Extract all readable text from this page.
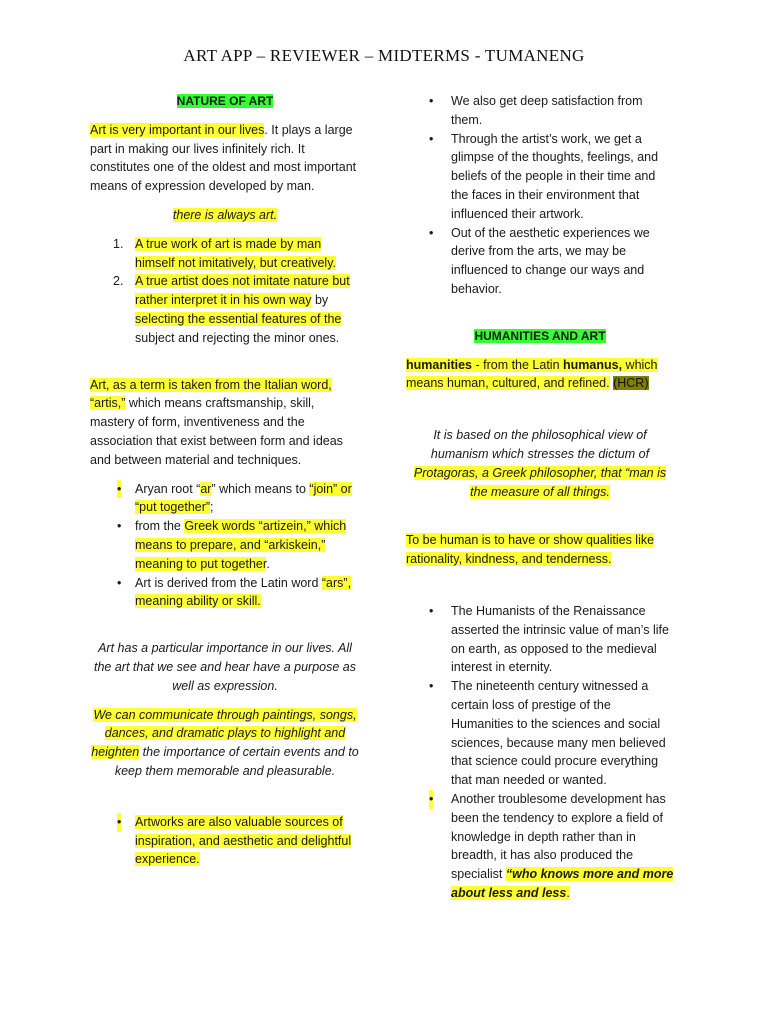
ART APP – REVIEWER – MIDTERMS - TUMANENG

NATURE OF ART

Art is very important in our lives. It plays a large part in making our lives infinitely rich. It constitutes one of the oldest and most important means of expression developed by man.

there is always art.

1. A true work of art is made by man himself not imitatively, but creatively.
2. A true artist does not imitate nature but rather interpret it in his own way by selecting the essential features of the subject and rejecting the minor ones.

Art, as a term is taken from the Italian word, “artis,” which means craftsmanship, skill, mastery of form, inventiveness and the association that exist between form and ideas and between material and techniques.

• Aryan root “ar” which means to “join” or “put together”;
• from the Greek words “artizein,” which means to prepare, and “arkiskein,” meaning to put together.
• Art is derived from the Latin word “ars”, meaning ability or skill.

Art has a particular importance in our lives. All the art that we see and hear have a purpose as well as expression.

We can communicate through paintings, songs, dances, and dramatic plays to highlight and heighten the importance of certain events and to keep them memorable and pleasurable.

• Artworks are also valuable sources of inspiration, and aesthetic and delightful experience.
• We also get deep satisfaction from them.
• Through the artist’s work, we get a glimpse of the thoughts, feelings, and beliefs of the people in their time and the faces in their environment that influenced their artwork.
• Out of the aesthetic experiences we derive from the arts, we may be influenced to change our ways and behavior.

HUMANITIES AND ART

humanities - from the Latin humanus, which means human, cultured, and refined. (HCR)

It is based on the philosophical view of humanism which stresses the dictum of Protagoras, a Greek philosopher, that “man is the measure of all things.

To be human is to have or show qualities like rationality, kindness, and tenderness.

• The Humanists of the Renaissance asserted the intrinsic value of man’s life on earth, as opposed to the medieval interest in eternity.
• The nineteenth century witnessed a certain loss of prestige of the Humanities to the sciences and social sciences, because many men believed that science could procure everything that man needed or wanted.
• Another troublesome development has been the tendency to explore a field of knowledge in depth rather than in breadth, it has also produced the specialist “who knows more and more about less and less.
